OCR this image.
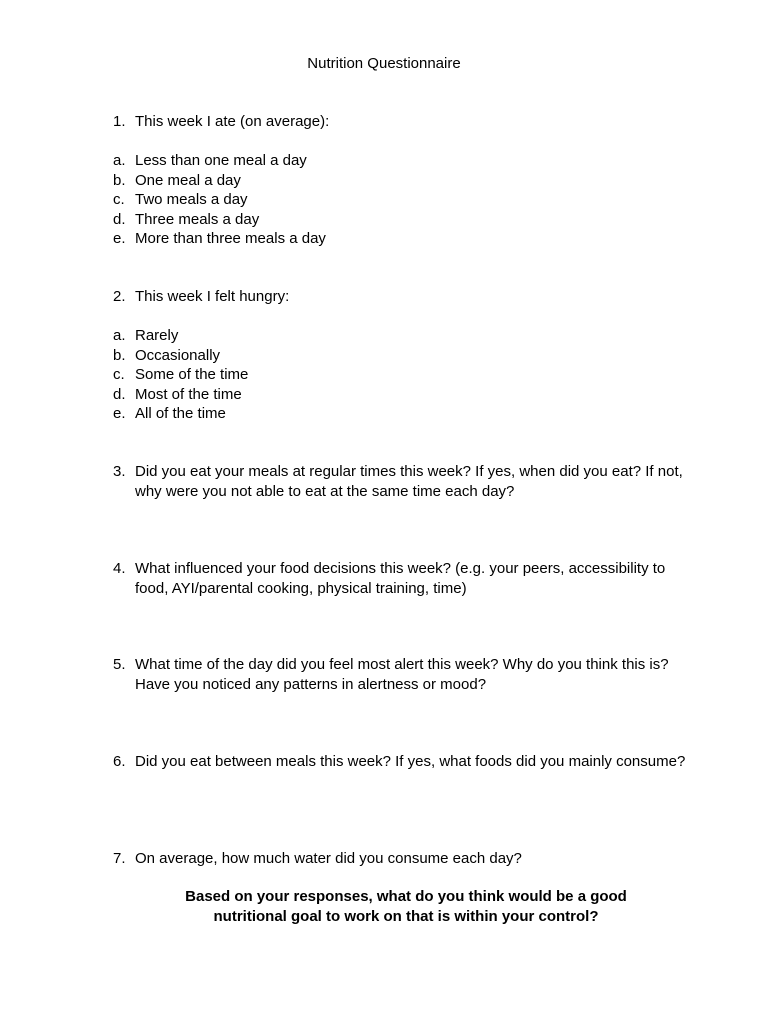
Nutrition Questionnaire
1. This week I ate (on average):
a. Less than one meal a day
b. One meal a day
c. Two meals a day
d. Three meals a day
e. More than three meals a day
2. This week I felt hungry:
a. Rarely
b. Occasionally
c. Some of the time
d. Most of the time
e. All of the time
3. Did you eat your meals at regular times this week? If yes, when did you eat? If not, why were you not able to eat at the same time each day?
4. What influenced your food decisions this week? (e.g. your peers, accessibility to food, AYI/parental cooking, physical training, time)
5. What time of the day did you feel most alert this week? Why do you think this is? Have you noticed any patterns in alertness or mood?
6. Did you eat between meals this week? If yes, what foods did you mainly consume?
7. On average, how much water did you consume each day?
Based on your responses, what do you think would be a good nutritional goal to work on that is within your control?
